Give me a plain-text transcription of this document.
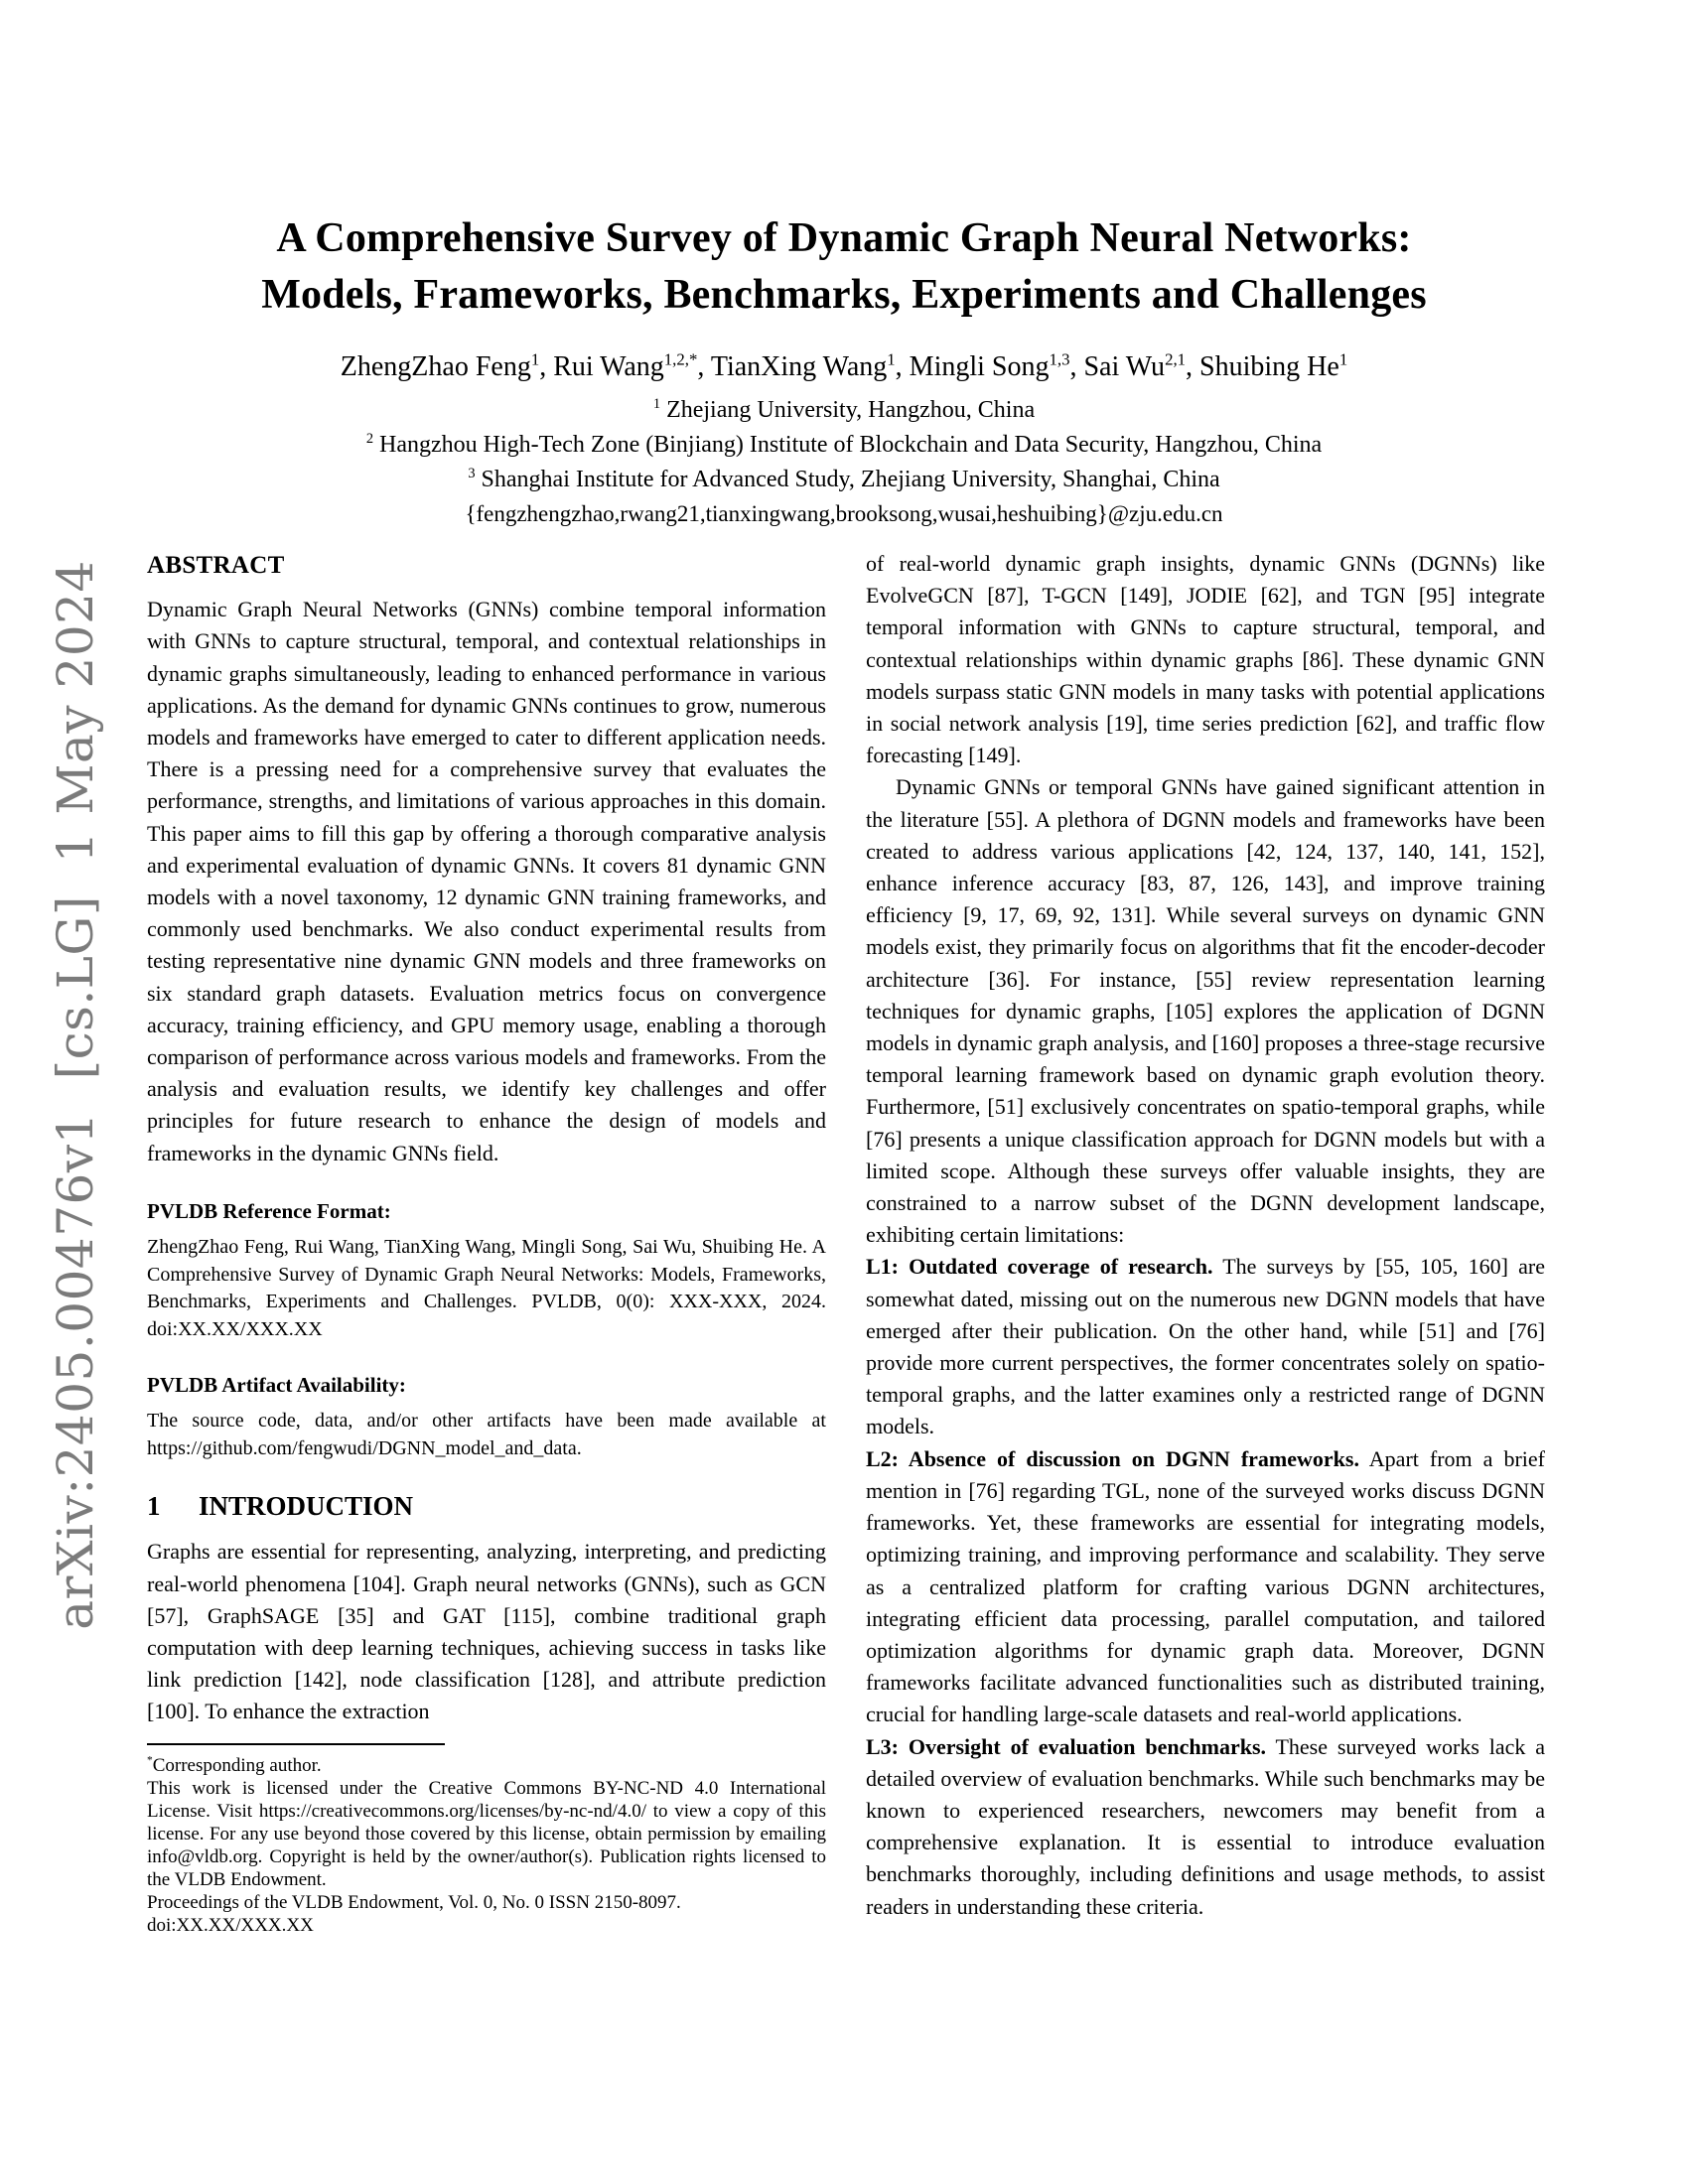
arXiv:2405.00476v1  [cs.LG]  1 May 2024
A Comprehensive Survey of Dynamic Graph Neural Networks:
Models, Frameworks, Benchmarks, Experiments and Challenges
ZhengZhao Feng$^1$, Rui Wang$^{1,2,*}$, TianXing Wang$^1$, Mingli Song$^{1,3}$, Sai Wu$^{2,1}$, Shuibing He$^1$
$^1$ Zhejiang University, Hangzhou, China
$^2$ Hangzhou High-Tech Zone (Binjiang) Institute of Blockchain and Data Security, Hangzhou, China
$^3$ Shanghai Institute for Advanced Study, Zhejiang University, Shanghai, China
{fengzhengzhao,rwang21,tianxingwang,brooksong,wusai,heshuibing}@zju.edu.cn
ABSTRACT

Dynamic Graph Neural Networks (GNNs) combine temporal information with GNNs to capture structural, temporal, and contextual relationships in dynamic graphs simultaneously, leading to enhanced performance in various applications. As the demand for dynamic GNNs continues to grow, numerous models and frameworks have emerged to cater to different application needs. There is a pressing need for a comprehensive survey that evaluates the performance, strengths, and limitations of various approaches in this domain. This paper aims to fill this gap by offering a thorough comparative analysis and experimental evaluation of dynamic GNNs. It covers 81 dynamic GNN models with a novel taxonomy, 12 dynamic GNN training frameworks, and commonly used benchmarks. We also conduct experimental results from testing representative nine dynamic GNN models and three frameworks on six standard graph datasets. Evaluation metrics focus on convergence accuracy, training efficiency, and GPU memory usage, enabling a thorough comparison of performance across various models and frameworks. From the analysis and evaluation results, we identify key challenges and offer principles for future research to enhance the design of models and frameworks in the dynamic GNNs field.

PVLDB Reference Format:

ZhengZhao Feng, Rui Wang, TianXing Wang, Mingli Song, Sai Wu, Shuibing He. A Comprehensive Survey of Dynamic Graph Neural Networks: Models, Frameworks, Benchmarks, Experiments and Challenges. PVLDB, 0(0): XXX-XXX, 2024. doi:XX.XX/XXX.XX

PVLDB Artifact Availability:

The source code, data, and/or other artifacts have been made available at https://github.com/fengwudi/DGNN_model_and_data.

1 INTRODUCTION

Graphs are essential for representing, analyzing, interpreting, and predicting real-world phenomena [104]. Graph neural networks (GNNs), such as GCN [57], GraphSAGE [35] and GAT [115], combine traditional graph computation with deep learning techniques, achieving success in tasks like link prediction [142], node classification [128], and attribute prediction [100]. To enhance the extraction

*Corresponding author.

This work is licensed under the Creative Commons BY-NC-ND 4.0 International License. Visit https://creativecommons.org/licenses/by-nc-nd/4.0/ to view a copy of this license. For any use beyond those covered by this license, obtain permission by emailing info@vldb.org. Copyright is held by the owner/author(s). Publication rights licensed to the VLDB Endowment.

Proceedings of the VLDB Endowment, Vol. 0, No. 0 ISSN 2150-8097.

doi:XX.XX/XXX.XX

of real-world dynamic graph insights, dynamic GNNs (DGNNs) like EvolveGCN [87], T-GCN [149], JODIE [62], and TGN [95] integrate temporal information with GNNs to capture structural, temporal, and contextual relationships within dynamic graphs [86]. These dynamic GNN models surpass static GNN models in many tasks with potential applications in social network analysis [19], time series prediction [62], and traffic flow forecasting [149].

Dynamic GNNs or temporal GNNs have gained significant attention in the literature [55]. A plethora of DGNN models and frameworks have been created to address various applications [42, 124, 137, 140, 141, 152], enhance inference accuracy [83, 87, 126, 143], and improve training efficiency [9, 17, 69, 92, 131]. While several surveys on dynamic GNN models exist, they primarily focus on algorithms that fit the encoder-decoder architecture [36]. For instance, [55] review representation learning techniques for dynamic graphs, [105] explores the application of DGNN models in dynamic graph analysis, and [160] proposes a three-stage recursive temporal learning framework based on dynamic graph evolution theory. Furthermore, [51] exclusively concentrates on spatio-temporal graphs, while [76] presents a unique classification approach for DGNN models but with a limited scope. Although these surveys offer valuable insights, they are constrained to a narrow subset of the DGNN development landscape, exhibiting certain limitations:

L1: Outdated coverage of research. The surveys by [55, 105, 160] are somewhat dated, missing out on the numerous new DGNN models that have emerged after their publication. On the other hand, while [51] and [76] provide more current perspectives, the former concentrates solely on spatio-temporal graphs, and the latter examines only a restricted range of DGNN models.

L2: Absence of discussion on DGNN frameworks. Apart from a brief mention in [76] regarding TGL, none of the surveyed works discuss DGNN frameworks. Yet, these frameworks are essential for integrating models, optimizing training, and improving performance and scalability. They serve as a centralized platform for crafting various DGNN architectures, integrating efficient data processing, parallel computation, and tailored optimization algorithms for dynamic graph data. Moreover, DGNN frameworks facilitate advanced functionalities such as distributed training, crucial for handling large-scale datasets and real-world applications.

L3: Oversight of evaluation benchmarks. These surveyed works lack a detailed overview of evaluation benchmarks. While such benchmarks may be known to experienced researchers, newcomers may benefit from a comprehensive explanation. It is essential to introduce evaluation benchmarks thoroughly, including definitions and usage methods, to assist readers in understanding these criteria.
